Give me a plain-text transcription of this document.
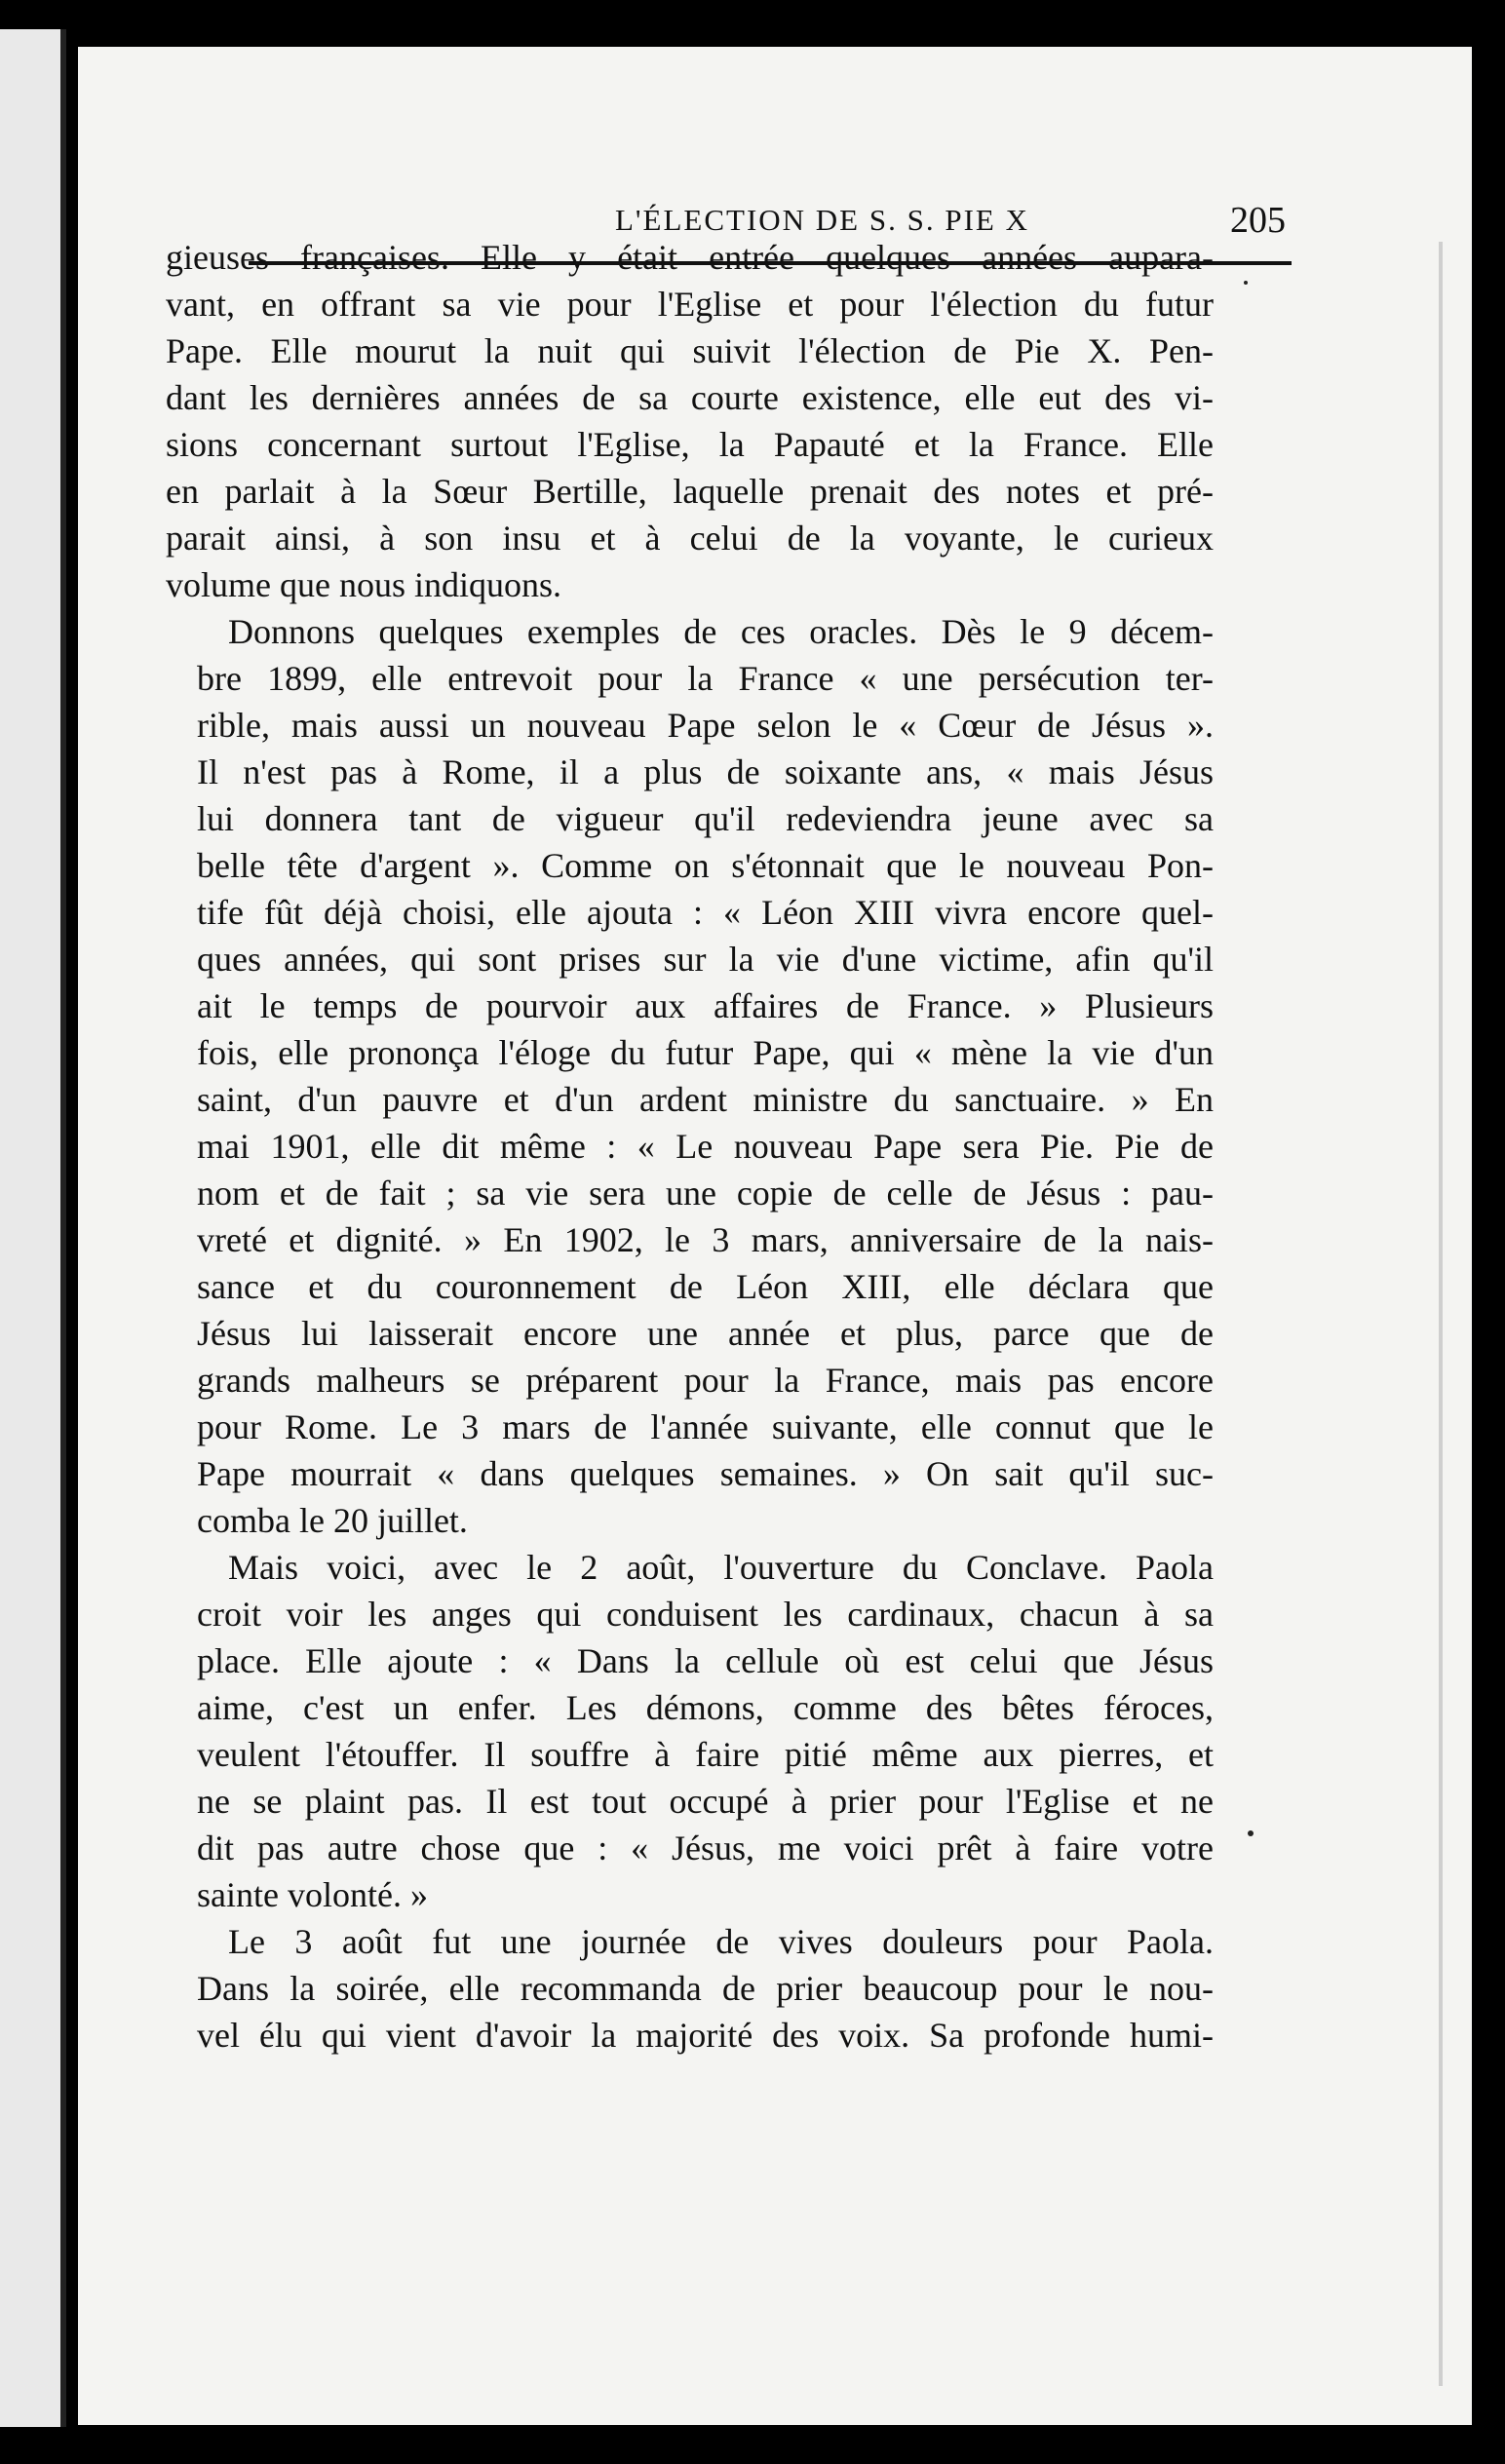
L'ÉLECTION DE S. S. PIE X	205

gieuses françaises. Elle y était entrée quelques années aupara-
vant, en offrant sa vie pour l'Eglise et pour l'élection du futur
Pape. Elle mourut la nuit qui suivit l'élection de Pie X. Pen-
dant les dernières années de sa courte existence, elle eut des vi-
sions concernant surtout l'Eglise, la Papauté et la France. Elle
en parlait à la Sœur Bertille, laquelle prenait des notes et pré-
parait ainsi, à son insu et à celui de la voyante, le curieux
volume que nous indiquons.

Donnons quelques exemples de ces oracles. Dès le 9 décem-
bre 1899, elle entrevoit pour la France « une persécution ter-
rible, mais aussi un nouveau Pape selon le « Cœur de Jésus ».
Il n'est pas à Rome, il a plus de soixante ans, « mais Jésus
lui donnera tant de vigueur qu'il redeviendra jeune avec sa
belle tête d'argent ». Comme on s'étonnait que le nouveau Pon-
tife fût déjà choisi, elle ajouta : « Léon XIII vivra encore quel-
ques années, qui sont prises sur la vie d'une victime, afin qu'il
ait le temps de pourvoir aux affaires de France. » Plusieurs
fois, elle prononça l'éloge du futur Pape, qui « mène la vie d'un
saint, d'un pauvre et d'un ardent ministre du sanctuaire. » En
mai 1901, elle dit même : « Le nouveau Pape sera Pie. Pie de
nom et de fait ; sa vie sera une copie de celle de Jésus : pau-
vreté et dignité. » En 1902, le 3 mars, anniversaire de la nais-
sance et du couronnement de Léon XIII, elle déclara que
Jésus lui laisserait encore une année et plus, parce que de
grands malheurs se préparent pour la France, mais pas encore
pour Rome. Le 3 mars de l'année suivante, elle connut que le
Pape mourrait « dans quelques semaines. » On sait qu'il suc-
comba le 20 juillet.

Mais voici, avec le 2 août, l'ouverture du Conclave. Paola
croit voir les anges qui conduisent les cardinaux, chacun à sa
place. Elle ajoute : « Dans la cellule où est celui que Jésus
aime, c'est un enfer. Les démons, comme des bêtes féroces,
veulent l'étouffer. Il souffre à faire pitié même aux pierres, et
ne se plaint pas. Il est tout occupé à prier pour l'Eglise et ne
dit pas autre chose que : « Jésus, me voici prêt à faire votre
sainte volonté. »

Le 3 août fut une journée de vives douleurs pour Paola.
Dans la soirée, elle recommanda de prier beaucoup pour le nou-
vel élu qui vient d'avoir la majorité des voix. Sa profonde humi-
